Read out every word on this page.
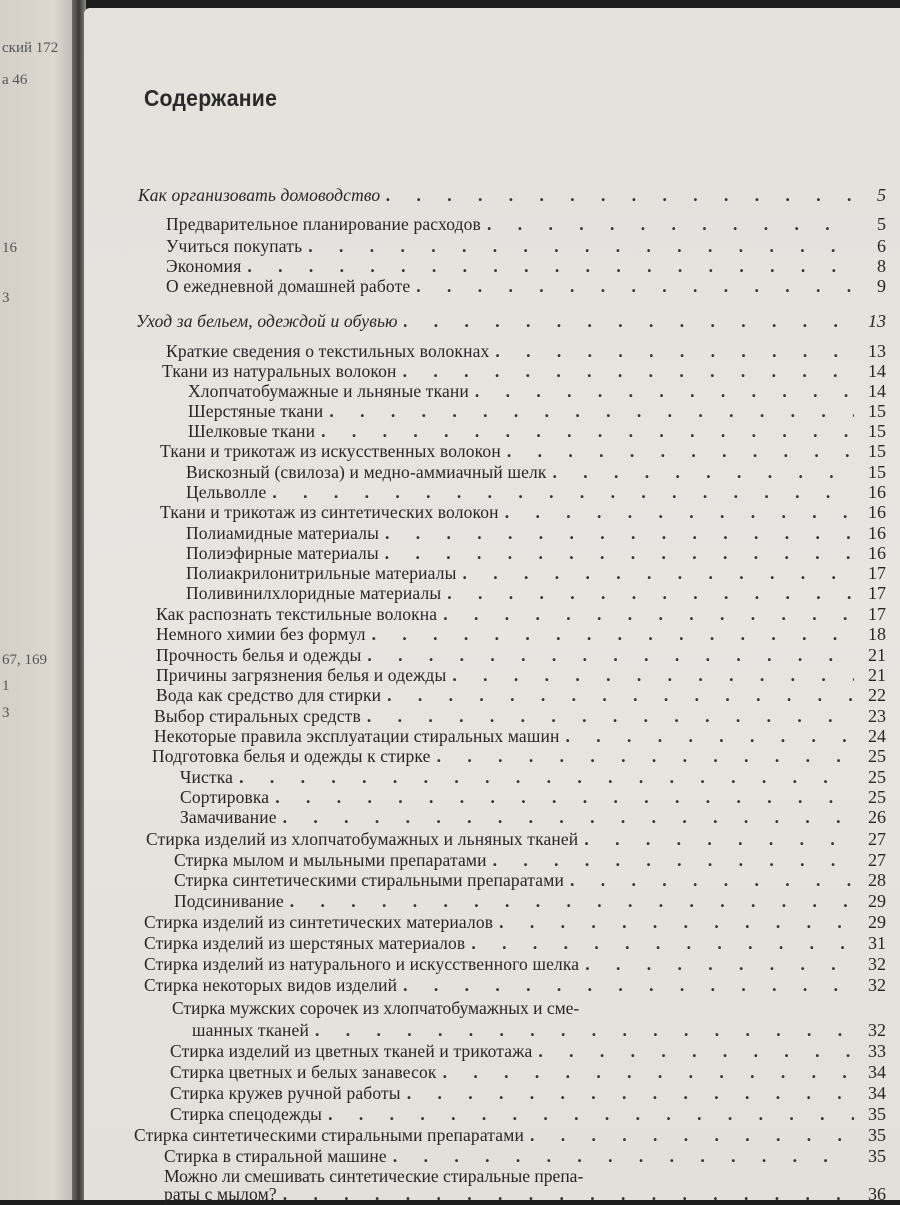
ский 172
а 46
16
3
67, 169
1
3
Содержание
Как организовать домоводство . . .	5
Предварительное планирование расходов . . .	5
Учиться покупать . . .	6
Экономия . . .	8
О ежедневной домашней работе . . .	9
Уход за бельем, одеждой и обувью . . .	13
Краткие сведения о текстильных волокнах . . .	13
Ткани из натуральных волокон . . .	14
Хлопчатобумажные и льняные ткани . . .	14
Шерстяные ткани . . .	15
Шелковые ткани . . .	15
Ткани и трикотаж из искусственных волокон . . .	15
Вискозный (свилоза) и медно-аммиачный шелк . . .	15
Цельволле . . .	16
Ткани и трикотаж из синтетических волокон . . .	16
Полиамидные материалы . . .	16
Полиэфирные материалы . . .	16
Полиакрилонитрильные материалы . . .	17
Поливинилхлоридные материалы . . .	17
Как распознать текстильные волокна . . .	17
Немного химии без формул . . .	18
Прочность белья и одежды . . .	21
Причины загрязнения белья и одежды . . .	21
Вода как средство для стирки . . .	22
Выбор стиральных средств . . .	23
Некоторые правила эксплуатации стиральных машин . . .	24
Подготовка белья и одежды к стирке . . .	25
Чистка . . .	25
Сортировка . . .	25
Замачивание . . .	26
Стирка изделий из хлопчатобумажных и льняных тканей . . .	27
Стирка мылом и мыльными препаратами . . .	27
Стирка синтетическими стиральными препаратами . . .	28
Подсинивание . . .	29
Стирка изделий из синтетических материалов . . .	29
Стирка изделий из шерстяных материалов . . .	31
Стирка изделий из натурального и искусственного шелка . . .	32
Стирка некоторых видов изделий . . .	32
Стирка мужских сорочек из хлопчатобумажных и сме-
шанных тканей . . .	32
Стирка изделий из цветных тканей и трикотажа . . .	33
Стирка цветных и белых занавесок . . .	34
Стирка кружев ручной работы . . .	34
Стирка спецодежды . . .	35
Стирка синтетическими стиральными препаратами . . .	35
Стирка в стиральной машине . . .	35
Можно ли смешивать синтетические стиральные препа-
раты с мылом? . . .	36
